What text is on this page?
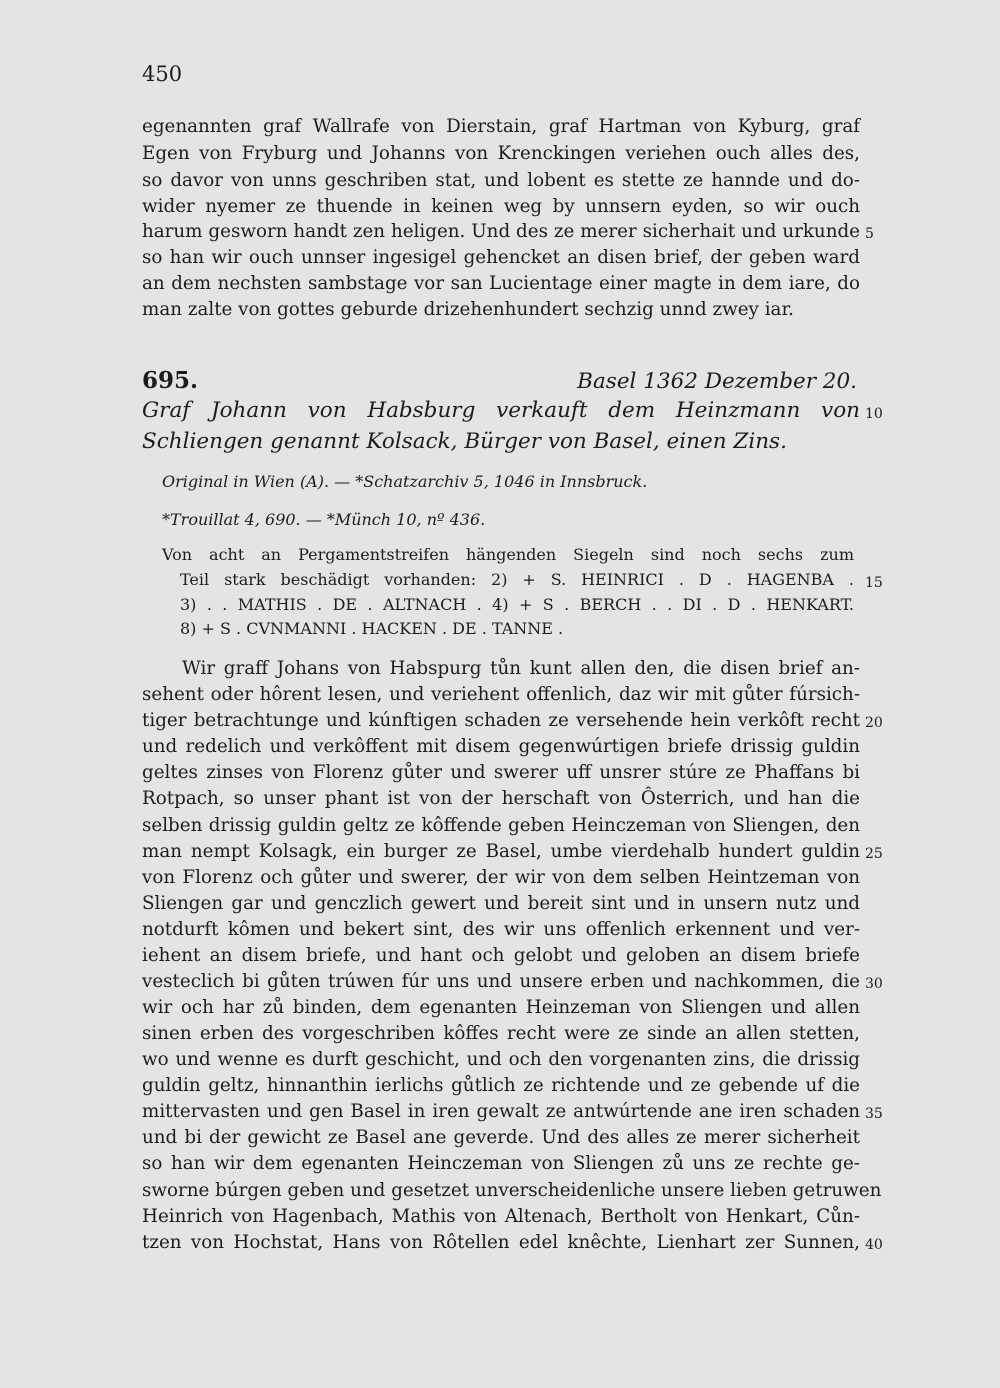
450
egenannten graf Wallrafe von Dierstain, graf Hartman von Kyburg, graf
Egen von Fryburg und Johanns von Krenckingen veriehen ouch alles des,
so davor von unns geschriben stat, und lobent es stette ze hannde und do-
wider nyemer ze thuende in keinen weg by unnsern eyden, so wir ouch
harum gesworn handt zen heligen. Und des ze merer sicherhait und urkunde 5
so han wir ouch unnser ingesigel gehencket an disen brief, der geben ward
an dem nechsten sambstage vor san Lucientage einer magte in dem iare, do
man zalte von gottes geburde drizehenhundert sechzig unnd zwey iar.
695.	Basel 1362 Dezember 20.
Graf Johann von Habsburg verkauft dem Heinzmann von 10
Schliengen genannt Kolsack, Bürger von Basel, einen Zins.
Original in Wien (A). — *Schatzarchiv 5, 1046 in Innsbruck.
*Trouillat 4, 690. — *Münch 10, nº 436.
Von acht an Pergamentstreifen hängenden Siegeln sind noch sechs zum
Teil stark beschädigt vorhanden: 2) + S. HEINRICI . D . HAGENBA . 15
3) . . MATHIS . DE . ALTNACH . 4) + S . BERCH . . DI . D . HENKART.
8) + S . CVNMANNI . HACKEN . DE . TANNE .
Wir graff Johans von Habspurg tůn kunt allen den, die disen brief an-
sehent oder hôrent lesen, und veriehent offenlich, daz wir mit gůter fúrsich-
tiger betrachtunge und kúnftigen schaden ze versehende hein verkôft recht 20
und redelich und verkôffent mit disem gegenwúrtigen briefe drissig guldin
geltes zinses von Florenz gůter und swerer uff unsrer stúre ze Phaffans bi
Rotpach, so unser phant ist von der herschaft von Ôsterrich, und han die
selben drissig guldin geltz ze kôffende geben Heinczeman von Sliengen, den
man nempt Kolsagk, ein burger ze Basel, umbe vierdehalb hundert guldin 25
von Florenz och gůter und swerer, der wir von dem selben Heintzeman von
Sliengen gar und genczlich gewert und bereit sint und in unsern nutz und
notdurft kômen und bekert sint, des wir uns offenlich erkennent und ver-
iehent an disem briefe, und hant och gelobt und geloben an disem briefe
vesteclich bi gůten trúwen fúr uns und unsere erben und nachkommen, die 30
wir och har zů binden, dem egenanten Heinzeman von Sliengen und allen
sinen erben des vorgeschriben kôffes recht were ze sinde an allen stetten,
wo und wenne es durft geschicht, und och den vorgenanten zins, die drissig
guldin geltz, hinnanthin ierlichs gůtlich ze richtende und ze gebende uf die
mittervasten und gen Basel in iren gewalt ze antwúrtende ane iren schaden 35
und bi der gewicht ze Basel ane geverde. Und des alles ze merer sicherheit
so han wir dem egenanten Heinczeman von Sliengen zů uns ze rechte ge-
sworne búrgen geben und gesetzet unverscheidenliche unsere lieben getruwen
Heinrich von Hagenbach, Mathis von Altenach, Bertholt von Henkart, Cůn-
tzen von Hochstat, Hans von Rôtellen edel knêchte, Lienhart zer Sunnen, 40
